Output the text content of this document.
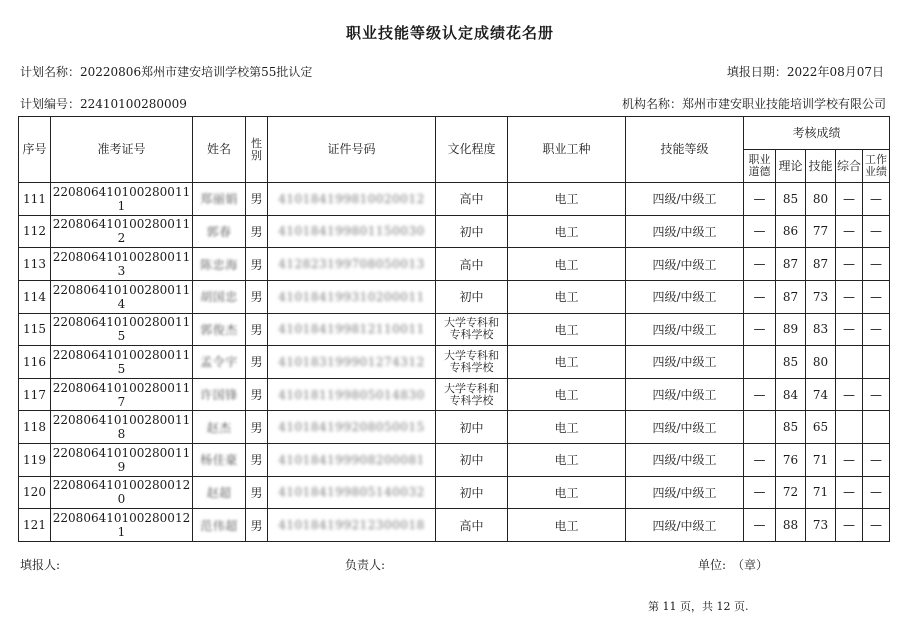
职业技能等级认定成绩花名册
计划名称：20220806郑州市建安培训学校第55批认定	填报日期：2022年08月07日
计划编号：22410100280009	机构名称：郑州市建安职业技能培训学校有限公司
序号	准考证号	姓名	性别	证件号码	文化程度	职业工种	技能等级	考核成绩				
								职业道德	理论	技能	综合	工作业绩
111	220806410100280011 1	郑丽娟	男	410184199810020012	高中	电工	四级/中级工	—	85	80	—	—
112	220806410100280011 2	郭春	男	410184199801150030	初中	电工	四级/中级工	—	86	77	—	—
113	220806410100280011 3	陈忠海	男	412823199708050013	高中	电工	四级/中级工	—	87	87	—	—
114	220806410100280011 4	胡国忠	男	410184199310200011	初中	电工	四级/中级工	—	87	73	—	—
115	220806410100280011 5	郭俊杰	男	410184199812110011	大学专科和
专科学校	电工	四级/中级工	—	89	83	—	—
116	220806410100280011 5	孟令宇	男	410183199901274312	大学专科和
专科学校	电工	四级/中级工		85	80		
117	220806410100280011 7	许国锋	男	410181199805014830	大学专科和
专科学校	电工	四级/中级工	—	84	74	—	—
118	220806410100280011 8	赵杰	男	410184199208050015	初中	电工	四级/中级工		85	65		
119	220806410100280011 9	杨佳豪	男	410184199908200081	初中	电工	四级/中级工	—	76	71	—	—
120	220806410100280012 0	赵超	男	410184199805140032	初中	电工	四级/中级工	—	72	71	—	—
121	220806410100280012 1	范伟超	男	410184199212300018	高中	电工	四级/中级工	—	88	73	—	—
填报人:	负责人:	单位:　（章）
第 11 页，共 12 页.
